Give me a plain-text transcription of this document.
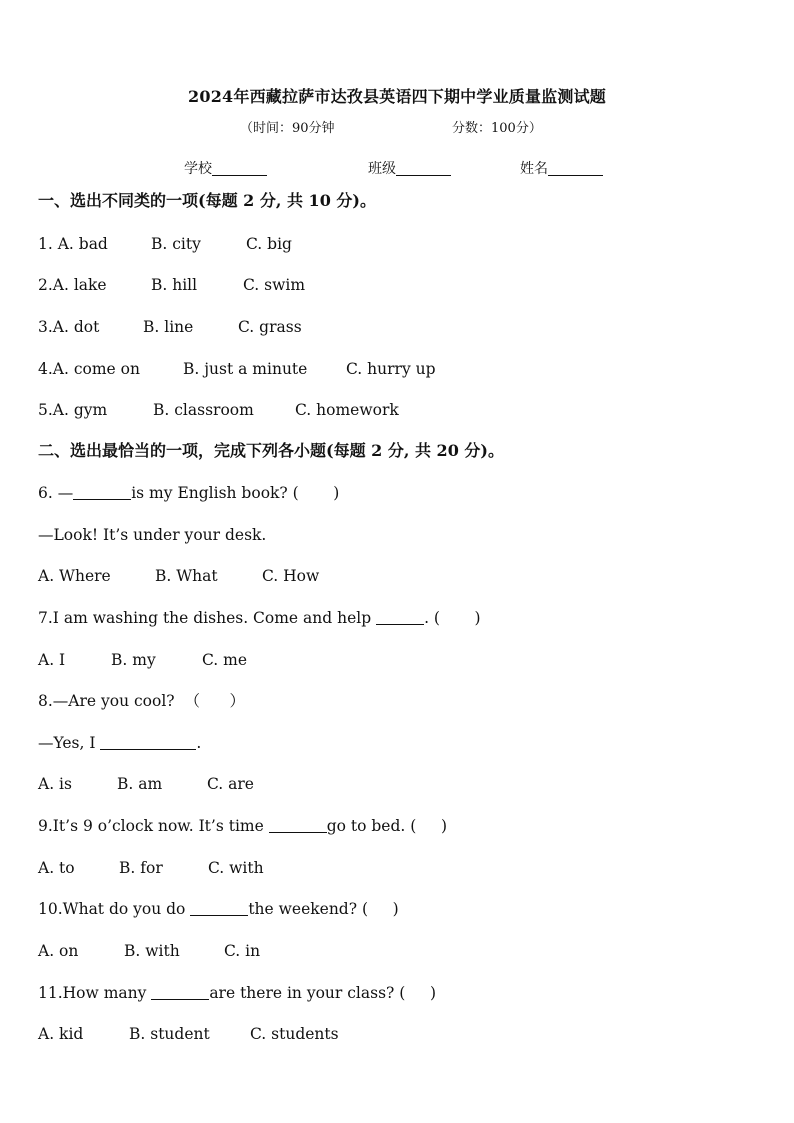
2024年西藏拉萨市达孜县英语四下期中学业质量监测试题
（时间：90分钟	分数：100分）
学校	班级	姓名
一、选出不同类的一项(每题 2 分, 共 10 分)。
1. A. bad	B. city	C. big
2.A. lake	B. hill	C. swim
3.A. dot	B. line	C. grass
4.A. come on	B. just a minute C. hurry up
5.A. gym	B. classroom	C. homework
二、选出最恰当的一项，完成下列各小题(每题 2 分, 共 20 分)。
6. —	is my English book? (       )
—Look! It’s under your desk.
A. Where	B. What	C. How
7.I am washing the dishes. Come and help	. (       )
A. I	B. my	C. me
8.—Are you cool?  （      ）
—Yes, I	.
A. is	B. am	C. are
9.It’s 9 o’clock now. It’s time	go to bed. (     )
A. to	B. for	C. with
10.What do you do	the weekend? (     )
A. on	B. with	C. in
11.How many	are there in your class? (     )
A. kid	B. student	C. students
